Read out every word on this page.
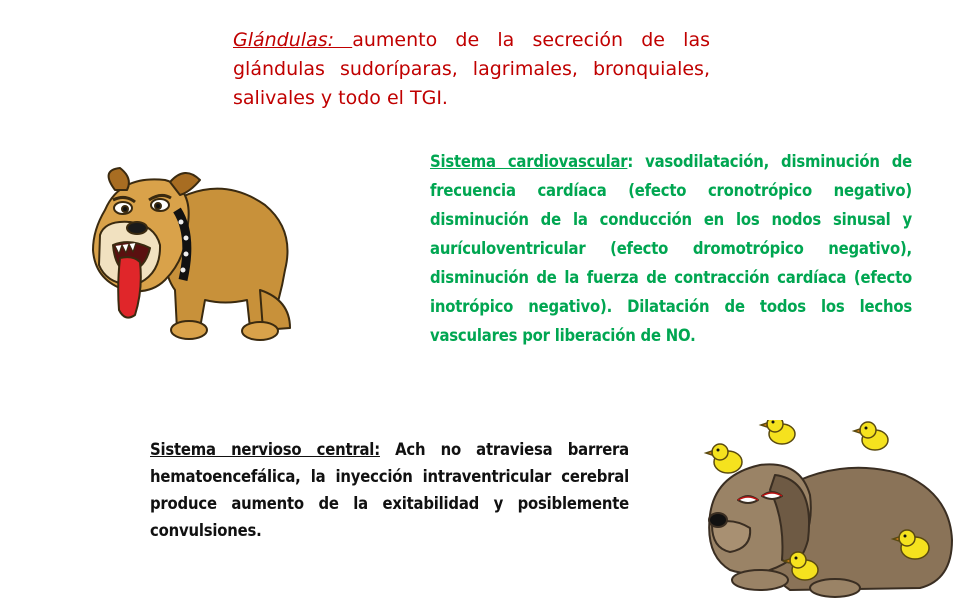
Glándulas: aumento de la secreción de las glándulas sudoríparas, lagrimales, bronquiales, salivales y todo el TGI.
Sistema cardiovascular: vasodilatación, disminución de frecuencia cardíaca (efecto cronotrópico negativo) disminución de la conducción en los nodos sinusal y aurículoventricular (efecto dromotrópico negativo), disminución de la fuerza de contracción cardíaca (efecto inotrópico negativo). Dilatación de todos los lechos vasculares por liberación de NO.
Sistema nervioso central: Ach no atraviesa barrera hematoencefálica, la inyección intraventricular cerebral produce aumento de la exitabilidad y posiblemente convulsiones.
